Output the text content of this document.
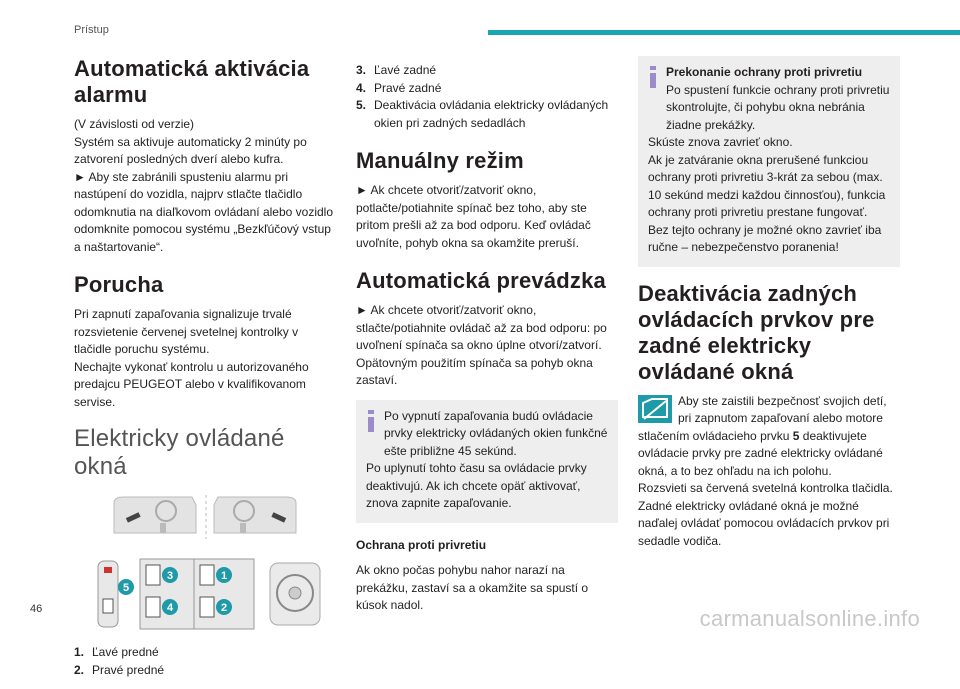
Prístup
Automatická aktivácia alarmu

(V závislosti od verzie)

Systém sa aktivuje automaticky 2 minúty po zatvorení posledných dverí alebo kufra.

► Aby ste zabránili spusteniu alarmu pri nastúpení do vozidla, najprv stlačte tlačidlo odomknutia na diaľkovom ovládaní alebo vozidlo odomknite pomocou systému „Bezkľúčový vstup a naštartovanie“.

Porucha

Pri zapnutí zapaľovania signalizuje trvalé rozsvietenie červenej svetelnej kontrolky v tlačidle poruchu systému.

Nechajte vykonať kontrolu u autorizovaného predajcu PEUGEOT alebo v kvalifikovanom servise.

Elektricky ovládané okná

5
3
4
1
2
1. Ľavé predné
2. Pravé predné
3. Ľavé zadné
4. Pravé zadné
5. Deaktivácia ovládania elektricky ovládaných okien pri zadných sedadlách
Manuálny režim

► Ak chcete otvoriť/zatvoriť okno, potlačte/potiahnite spínač bez toho, aby ste pritom prešli až za bod odporu. Keď ovládač uvoľníte, pohyb okna sa okamžite preruší.

Automatická prevádzka

► Ak chcete otvoriť/zatvoriť okno, stlačte/potiahnite ovládač až za bod odporu: po uvoľnení spínača sa okno úplne otvorí/zatvorí. Opätovným použitím spínača sa pohyb okna zastaví.

Po vypnutí zapaľovania budú ovládacie prvky elektricky ovládaných okien funkčné ešte približne 45 sekúnd.
Po uplynutí tohto času sa ovládacie prvky deaktivujú. Ak ich chcete opäť aktivovať, znova zapnite zapaľovanie.
Ochrana proti privretiu

Ak okno počas pohybu nahor narazí na prekážku, zastaví sa a okamžite sa spustí o kúsok nadol.

Prekonanie ochrany proti privretiu
Po spustení funkcie ochrany proti privretiu skontrolujte, či pohybu okna nebránia žiadne prekážky.
Skúste znova zavrieť okno.
Ak je zatváranie okna prerušené funkciou ochrany proti privretiu 3-krát za sebou (max. 10 sekúnd medzi každou činnosťou), funkcia ochrany proti privretiu prestane fungovať.
Bez tejto ochrany je možné okno zavrieť iba ručne – nebezpečenstvo poranenia!
Deaktivácia zadných ovládacích prvkov pre zadné elektricky ovládané okná

Aby ste zaistili bezpečnosť svojich detí, pri zapnutom zapaľovaní alebo motore stlačením ovládacieho prvku 5 deaktivujete ovládacie prvky pre zadné elektricky ovládané okná, a to bez ohľadu na ich polohu.

Rozsvieti sa červená svetelná kontrolka tlačidla. Zadné elektricky ovládané okná je možné naďalej ovládať pomocou ovládacích prvkov pri sedadle vodiča.

46	carmanualsonline.info
